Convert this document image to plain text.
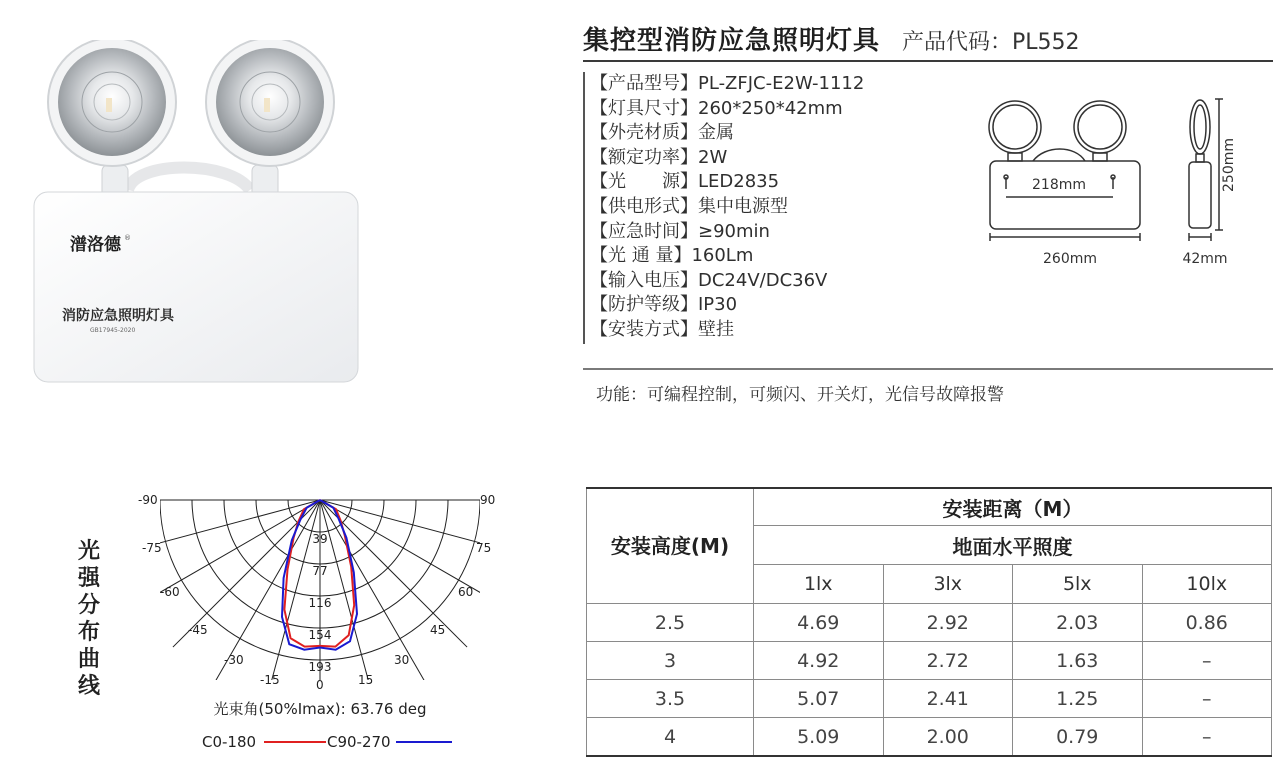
潽洛德 ®
消防应急照明灯具
GB17945-2020
集控型消防应急照明灯具 产品代码：PL552
【产品型号】PL-ZFJC-E2W-1112
【灯具尺寸】260*250*42mm
【外壳材质】金属
【额定功率】2W
【光　　源】LED2835
【供电形式】集中电源型
【应急时间】≥90min
【光 通 量】160Lm
【输入电压】DC24V/DC36V
【防护等级】IP30
【安装方式】壁挂
218mm
260mm
250mm
42mm
功能：可编程控制，可频闪、开关灯，光信号故障报警
光强分布曲线
-90	90
-75	75
-60	60
-45	45
-30	30
-15	15
0
39
77
116
154
193
光束角(50%Imax): 63.76 deg
C0-180	C90-270
安装高度(M)	安装距离（M）			
	地面水平照度			
	1lx	3lx	5lx	10lx
2.5	4.69	2.92	2.03	0.86
3	4.92	2.72	1.63	–
3.5	5.07	2.41	1.25	–
4	5.09	2.00	0.79	–
